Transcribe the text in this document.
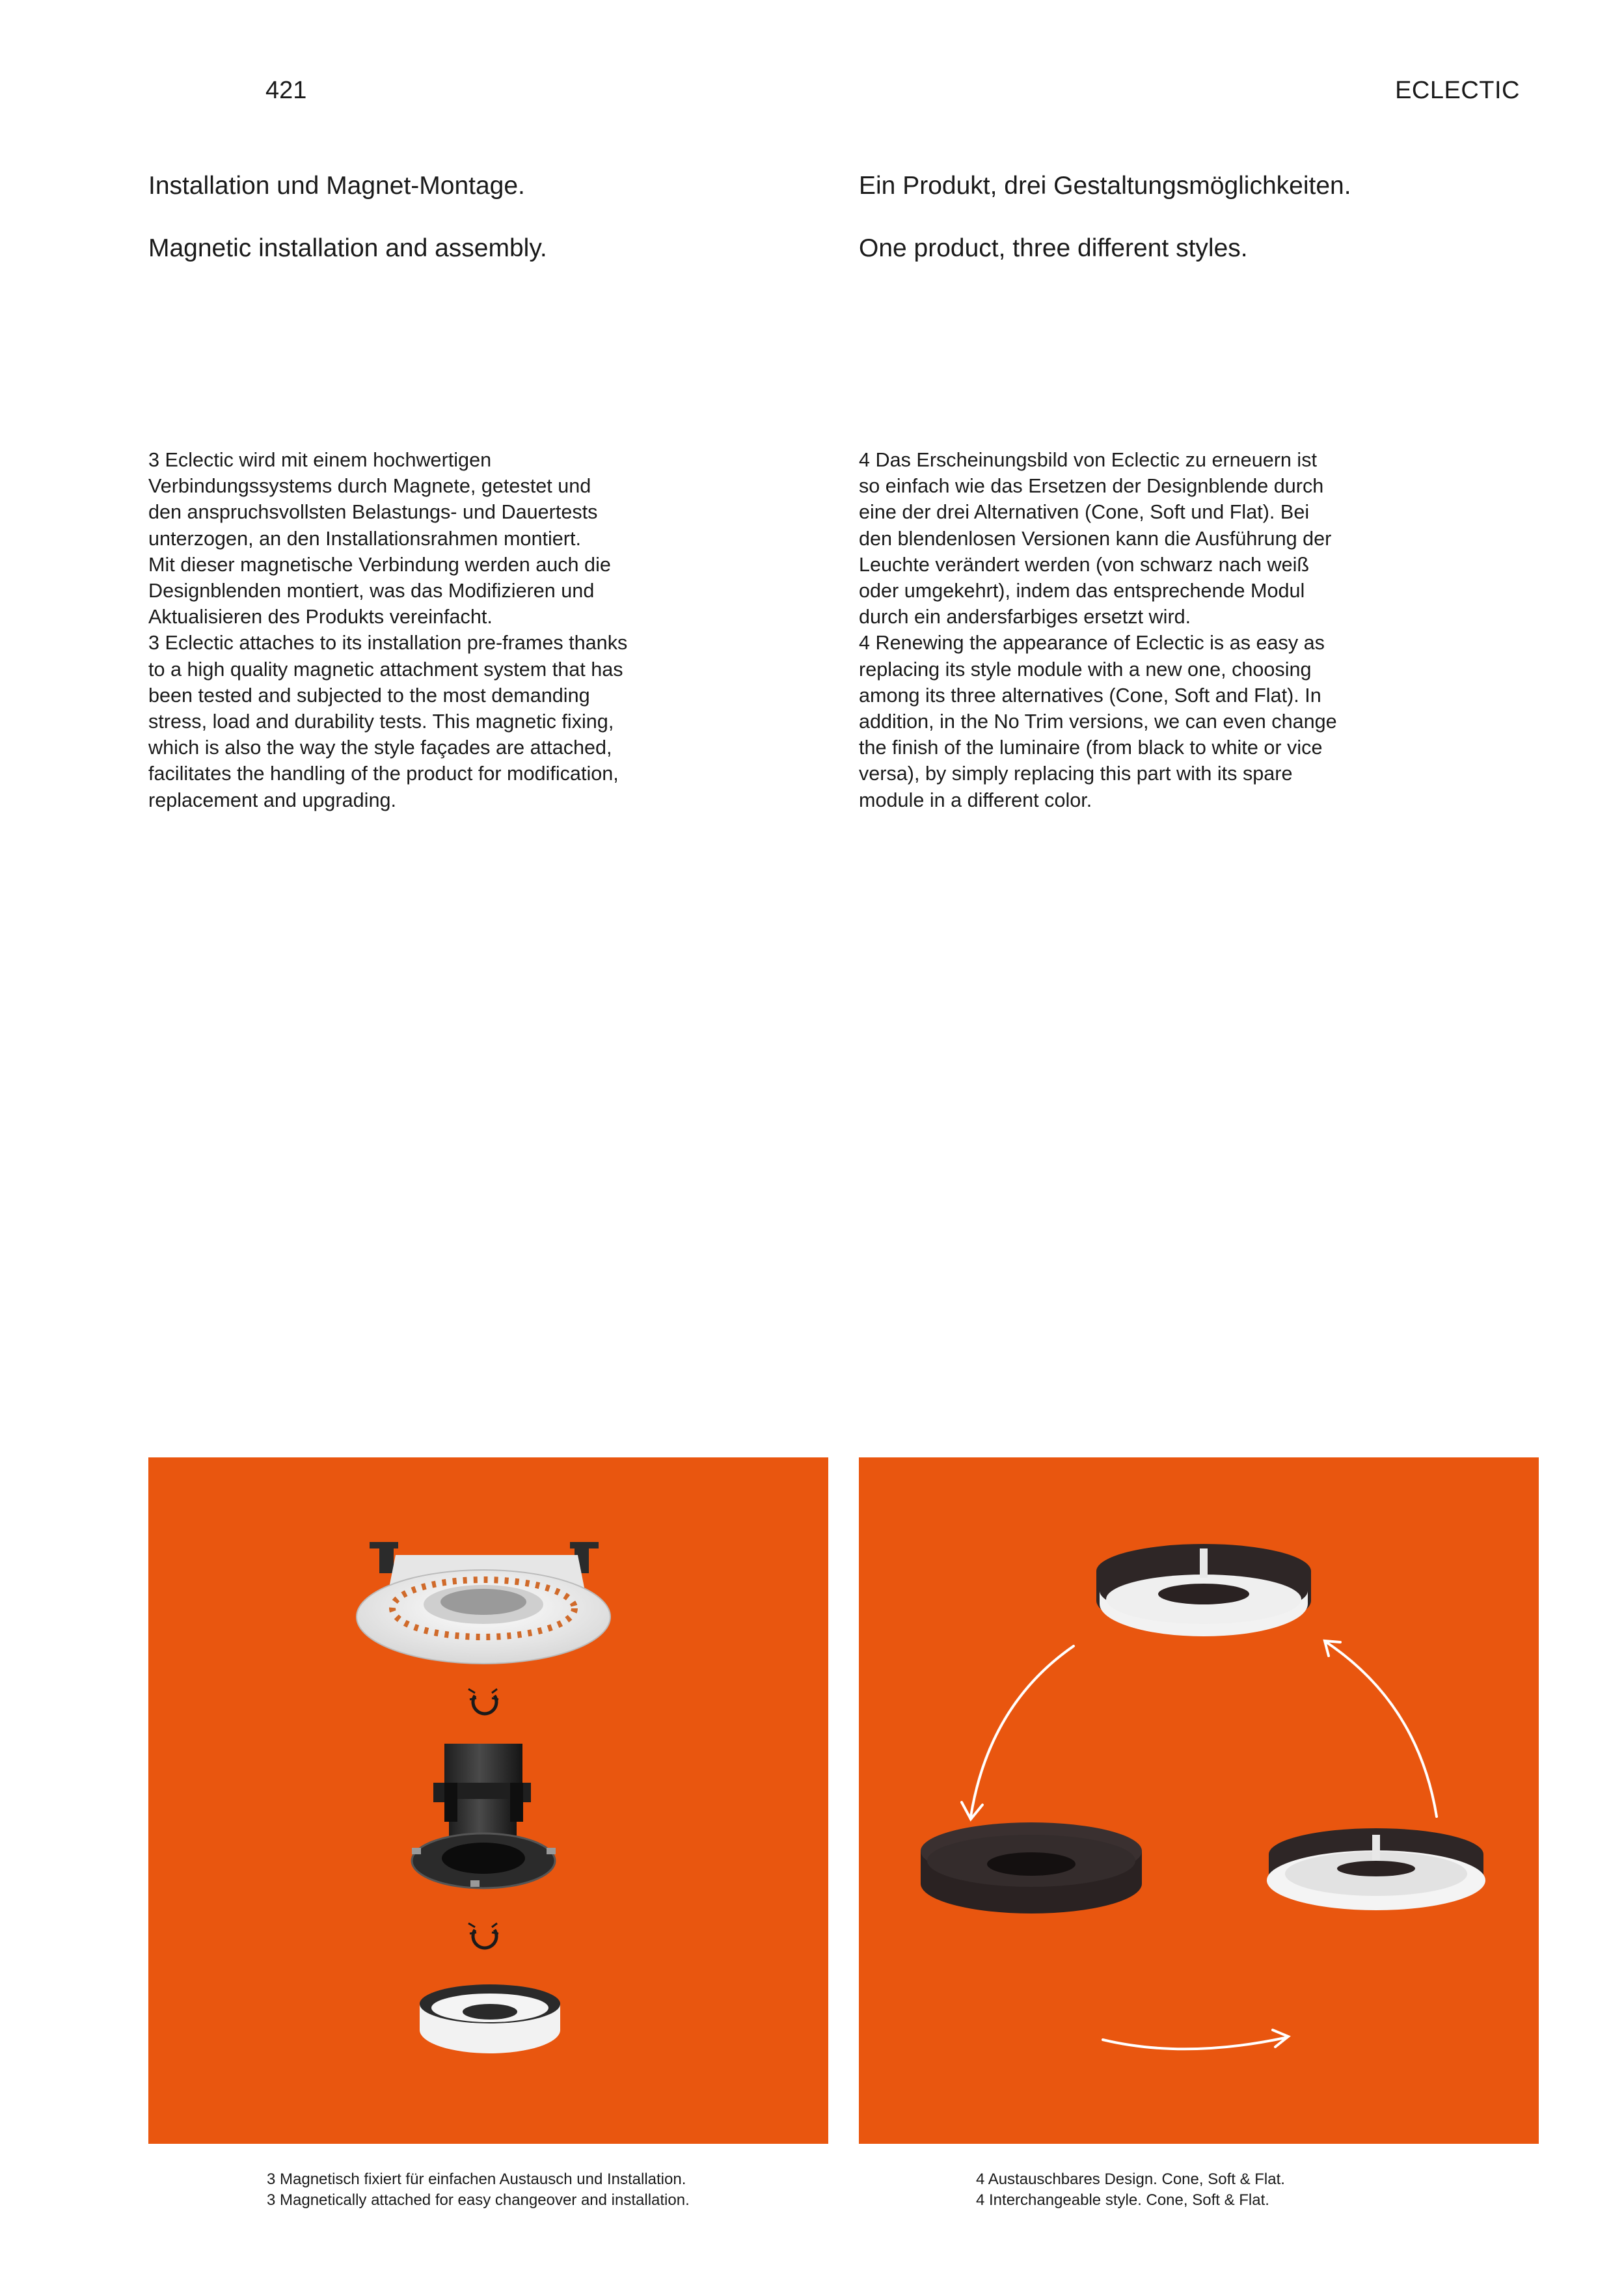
421	ECLECTIC
Installation und Magnet-Montage.
Magnetic installation and assembly.
Ein Produkt, drei Gestaltungsmöglichkeiten.
One product, three different styles.

3 Eclectic wird mit einem hochwertigen

Verbindungssystems durch Magnete, getestet und

den anspruchsvollsten Belastungs- und Dauertests

unterzogen, an den Installationsrahmen montiert.

Mit dieser magnetische Verbindung werden auch die

Designblenden montiert, was das Modifizieren und

Aktualisieren des Produkts vereinfacht.

3 Eclectic attaches to its installation pre-frames thanks

to a high quality magnetic attachment system that has

been tested and subjected to the most demanding

stress, load and durability tests. This magnetic fixing,

which is also the way the style façades are attached,

facilitates the handling of the product for modification,

replacement and upgrading.

4 Das Erscheinungsbild von Eclectic zu erneuern ist

so einfach wie das Ersetzen der Designblende durch

eine der drei Alternativen (Cone, Soft und Flat). Bei

den blendenlosen Versionen kann die Ausführung der

Leuchte verändert werden (von schwarz nach weiß

oder umgekehrt), indem das entsprechende Modul

durch ein andersfarbiges ersetzt wird.

4 Renewing the appearance of Eclectic is as easy as

replacing its style module with a new one, choosing

among its three alternatives (Cone, Soft and Flat). In

addition, in the No Trim versions, we can even change

the finish of the luminaire (from black to white or vice

versa), by simply replacing this part with its spare

module in a different color.

3 Magnetisch fixiert für einfachen Austausch und Installation.
3 Magnetically attached for easy changeover and installation.
4 Austauschbares Design. Cone, Soft & Flat.
4 Interchangeable style. Cone, Soft & Flat.
